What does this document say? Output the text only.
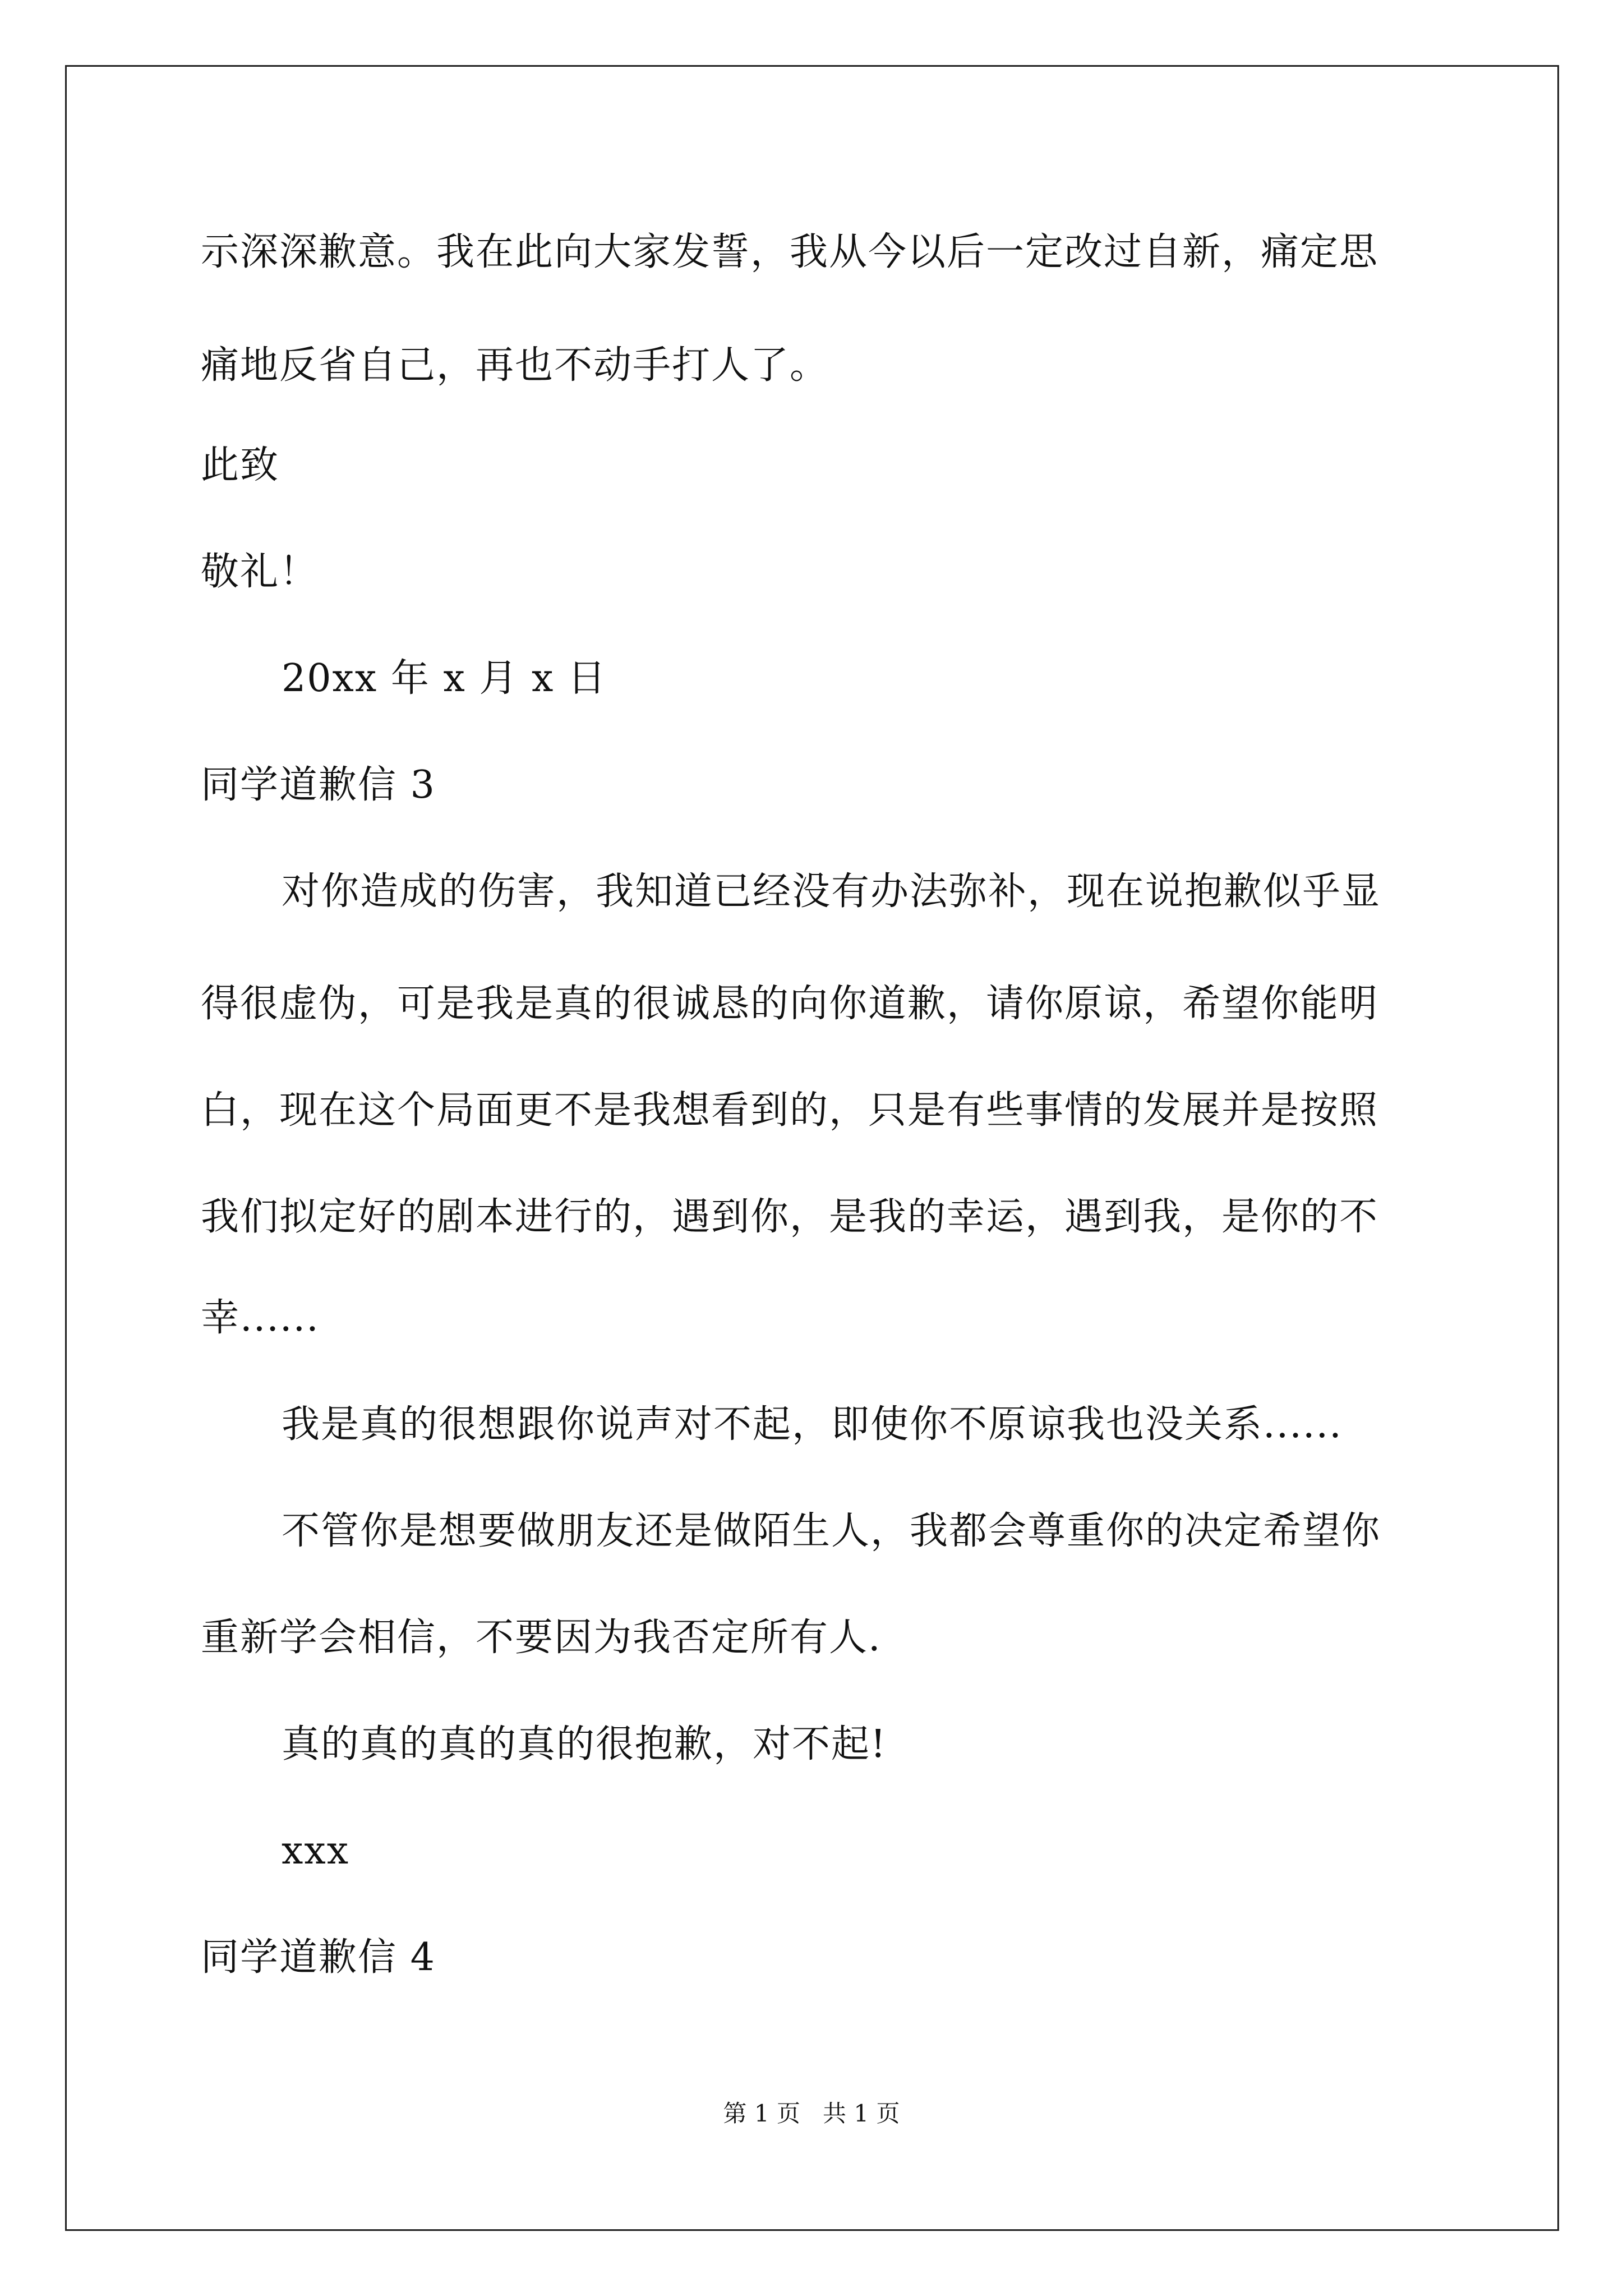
示深深歉意。我在此向大家发誓，我从今以后一定改过自新，痛定思
痛地反省自己，再也不动手打人了。
此致
敬礼！
20xx 年 x 月 x 日
同学道歉信 3
对你造成的伤害，我知道已经没有办法弥补，现在说抱歉似乎显
得很虚伪，可是我是真的很诚恳的向你道歉，请你原谅，希望你能明
白，现在这个局面更不是我想看到的，只是有些事情的发展并是按照
我们拟定好的剧本进行的，遇到你，是我的幸运，遇到我，是你的不
幸......
我是真的很想跟你说声对不起，即使你不原谅我也没关系......
不管你是想要做朋友还是做陌生人，我都会尊重你的决定希望你
重新学会相信，不要因为我否定所有人.
真的真的真的真的很抱歉，对不起!
xxx
同学道歉信 4
第 1 页   共 1 页
